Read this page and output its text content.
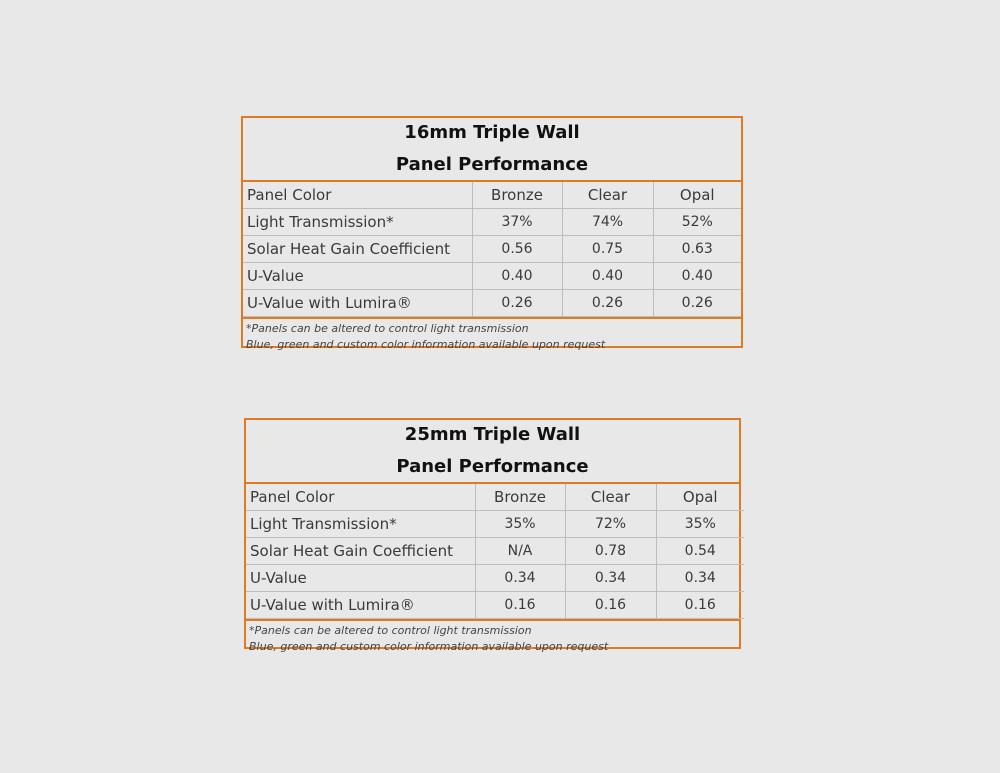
16mm Triple Wall
Panel Performance
Panel Color	Bronze	Clear	Opal
Light Transmission*	37%	74%	52%
Solar Heat Gain Coefficient	0.56	0.75	0.63
U-Value	0.40	0.40	0.40
U-Value with Lumira®	0.26	0.26	0.26
*Panels can be altered to control light transmission
Blue, green and custom color information available upon request
25mm Triple Wall
Panel Performance
Panel Color	Bronze	Clear	Opal
Light Transmission*	35%	72%	35%
Solar Heat Gain Coefficient	N/A	0.78	0.54
U-Value	0.34	0.34	0.34
U-Value with Lumira®	0.16	0.16	0.16
*Panels can be altered to control light transmission
Blue, green and custom color information available upon request
